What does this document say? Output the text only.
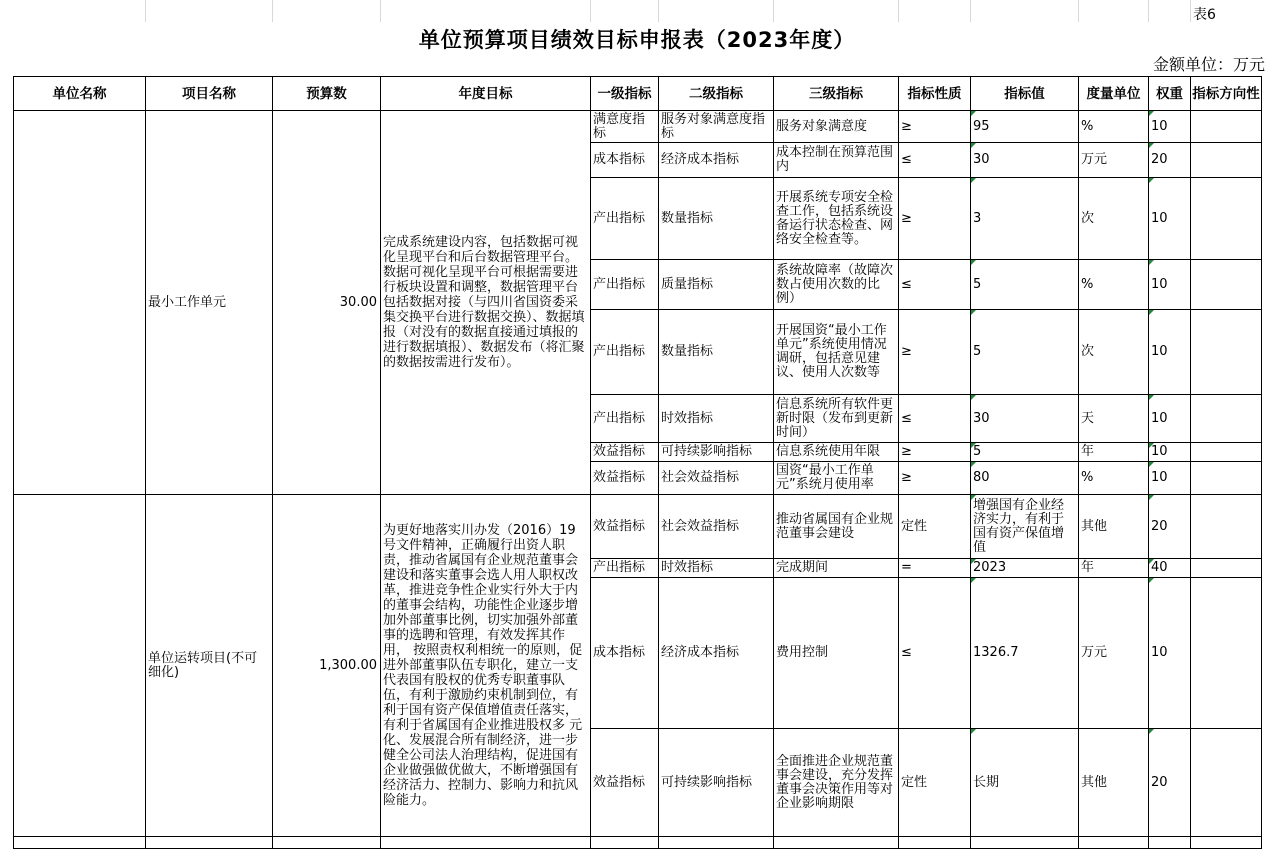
表6
单位预算项目绩效目标申报表（2023年度）
金额单位：万元
单位名称	项目名称	预算数	年度目标	一级指标	二级指标	三级指标	指标性质	指标值	度量单位	权重	指标方向性
	最小工作单元	30.00	完成系统建设内容，包括数据可视化呈现平台和后台数据管理平台。数据可视化呈现平台可根据需要进行板块设置和调整，数据管理平台包括数据对接（与四川省国资委采集交换平台进行数据交换）、数据填报（对没有的数据直接通过填报的进行数据填报）、数据发布（将汇聚的数据按需进行发布）。	满意度指标	服务对象满意度指标	服务对象满意度	≥	95	%	10	
				成本指标	经济成本指标	成本控制在预算范围内	≤	30	万元	20	
				产出指标	数量指标	开展系统专项安全检查工作，包括系统设备运行状态检查、网络安全检查等。	≥	3	次	10	
				产出指标	质量指标	系统故障率（故障次数占使用次数的比例）	≤	5	%	10	
				产出指标	数量指标	开展国资“最小工作单元”系统使用情况调研，包括意见建议、使用人次数等	≥	5	次	10	
				产出指标	时效指标	信息系统所有软件更新时限（发布到更新时间）	≤	30	天	10	
				效益指标	可持续影响指标	信息系统使用年限	≥	5	年	10	
				效益指标	社会效益指标	国资“最小工作单元”系统月使用率	≥	80	%	10	
	单位运转项目(不可细化)	1,300.00	为更好地落实川办发（2016）19号文件精神，正确履行出资人职责，推动省属国有企业规范董事会建设和落实董事会选人用人职权改革，推进竞争性企业实行外大于内的董事会结构，功能性企业逐步增加外部董事比例，切实加强外部董事的选聘和管理，有效发挥其作用， 按照责权利相统一的原则，促进外部董事队伍专职化，建立一支代表国有股权的优秀专职董事队伍，有利于激励约束机制到位，有利于国有资产保值增值责任落实，有利于省属国有企业推进股权多 元化、发展混合所有制经济，进一步健全公司法人治理结构，促进国有企业做强做优做大，不断增强国有经济活力、控制力、影响力和抗风险能力。	效益指标	社会效益指标	推动省属国有企业规范董事会建设	定性	增强国有企业经济实力，有利于国有资产保值增值	其他	20	
				产出指标	时效指标	完成期间	=	2023	年	40	
				成本指标	经济成本指标	费用控制	≤	1326.7	万元	10	
				效益指标	可持续影响指标	全面推进企业规范董事会建设，充分发挥董事会决策作用等对企业影响期限	定性	长期	其他	20	
